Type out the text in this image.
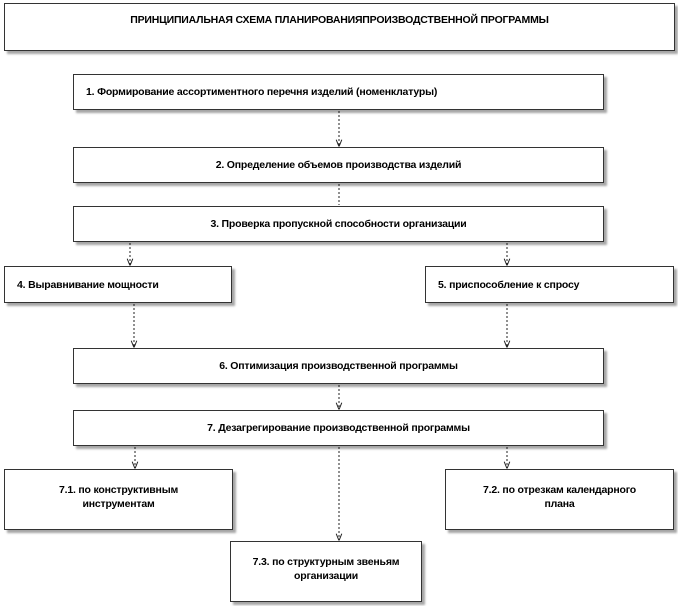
ПРИНЦИПИАЛЬНАЯ СХЕМА ПЛАНИРОВАНИЯПРОИЗВОДСТВЕННОЙ ПРОГРАММЫ
1. Формирование ассортиментного перечня изделий (номенклатуры)
2. Определение объемов производства изделий
3. Проверка пропускной способности организации
4. Выравнивание мощности	5. приспособление к спросу
6. Оптимизация производственной программы
7. Дезагрегирование производственной программы
7.1. по конструктивным инструментам
7.2. по отрезкам календарного плана
7.3. по структурным звеньям организации
